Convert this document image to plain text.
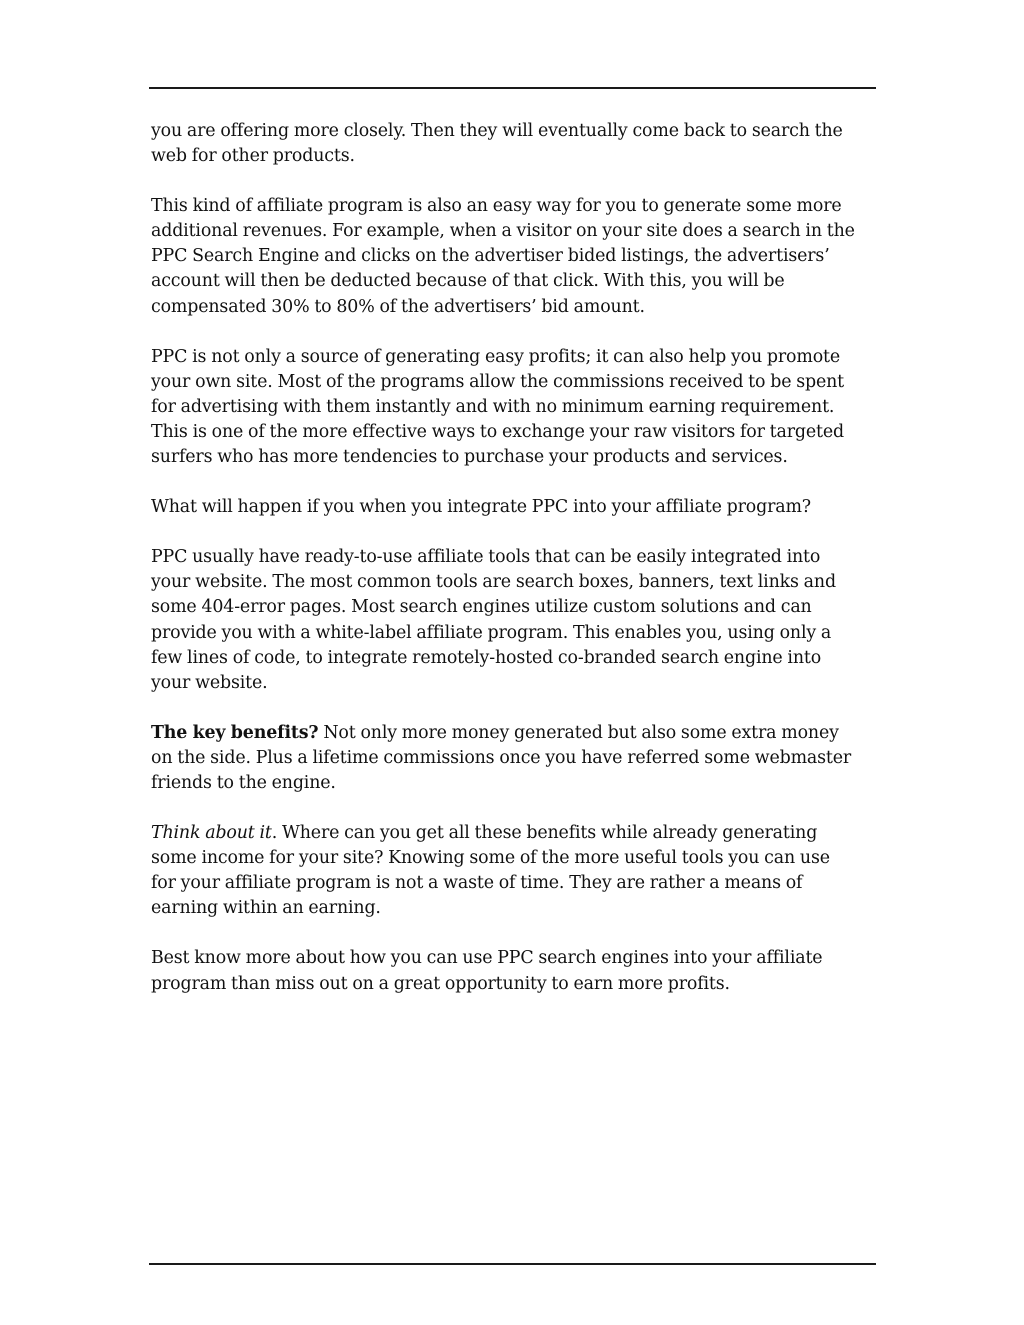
you are offering more closely. Then they will eventually come back to search the
web for other products.

This kind of affiliate program is also an easy way for you to generate some more
additional revenues. For example, when a visitor on your site does a search in the
PPC Search Engine and clicks on the advertiser bided listings, the advertisers’
account will then be deducted because of that click. With this, you will be
compensated 30% to 80% of the advertisers’ bid amount.

PPC is not only a source of generating easy profits; it can also help you promote
your own site. Most of the programs allow the commissions received to be spent
for advertising with them instantly and with no minimum earning requirement.
This is one of the more effective ways to exchange your raw visitors for targeted
surfers who has more tendencies to purchase your products and services.

What will happen if you when you integrate PPC into your affiliate program?

PPC usually have ready-to-use affiliate tools that can be easily integrated into
your website. The most common tools are search boxes, banners, text links and
some 404-error pages. Most search engines utilize custom solutions and can
provide you with a white-label affiliate program. This enables you, using only a
few lines of code, to integrate remotely-hosted co-branded search engine into
your website.

The key benefits? Not only more money generated but also some extra money
on the side. Plus a lifetime commissions once you have referred some webmaster
friends to the engine.

Think about it. Where can you get all these benefits while already generating
some income for your site? Knowing some of the more useful tools you can use
for your affiliate program is not a waste of time. They are rather a means of
earning within an earning.

Best know more about how you can use PPC search engines into your affiliate
program than miss out on a great opportunity to earn more profits.
